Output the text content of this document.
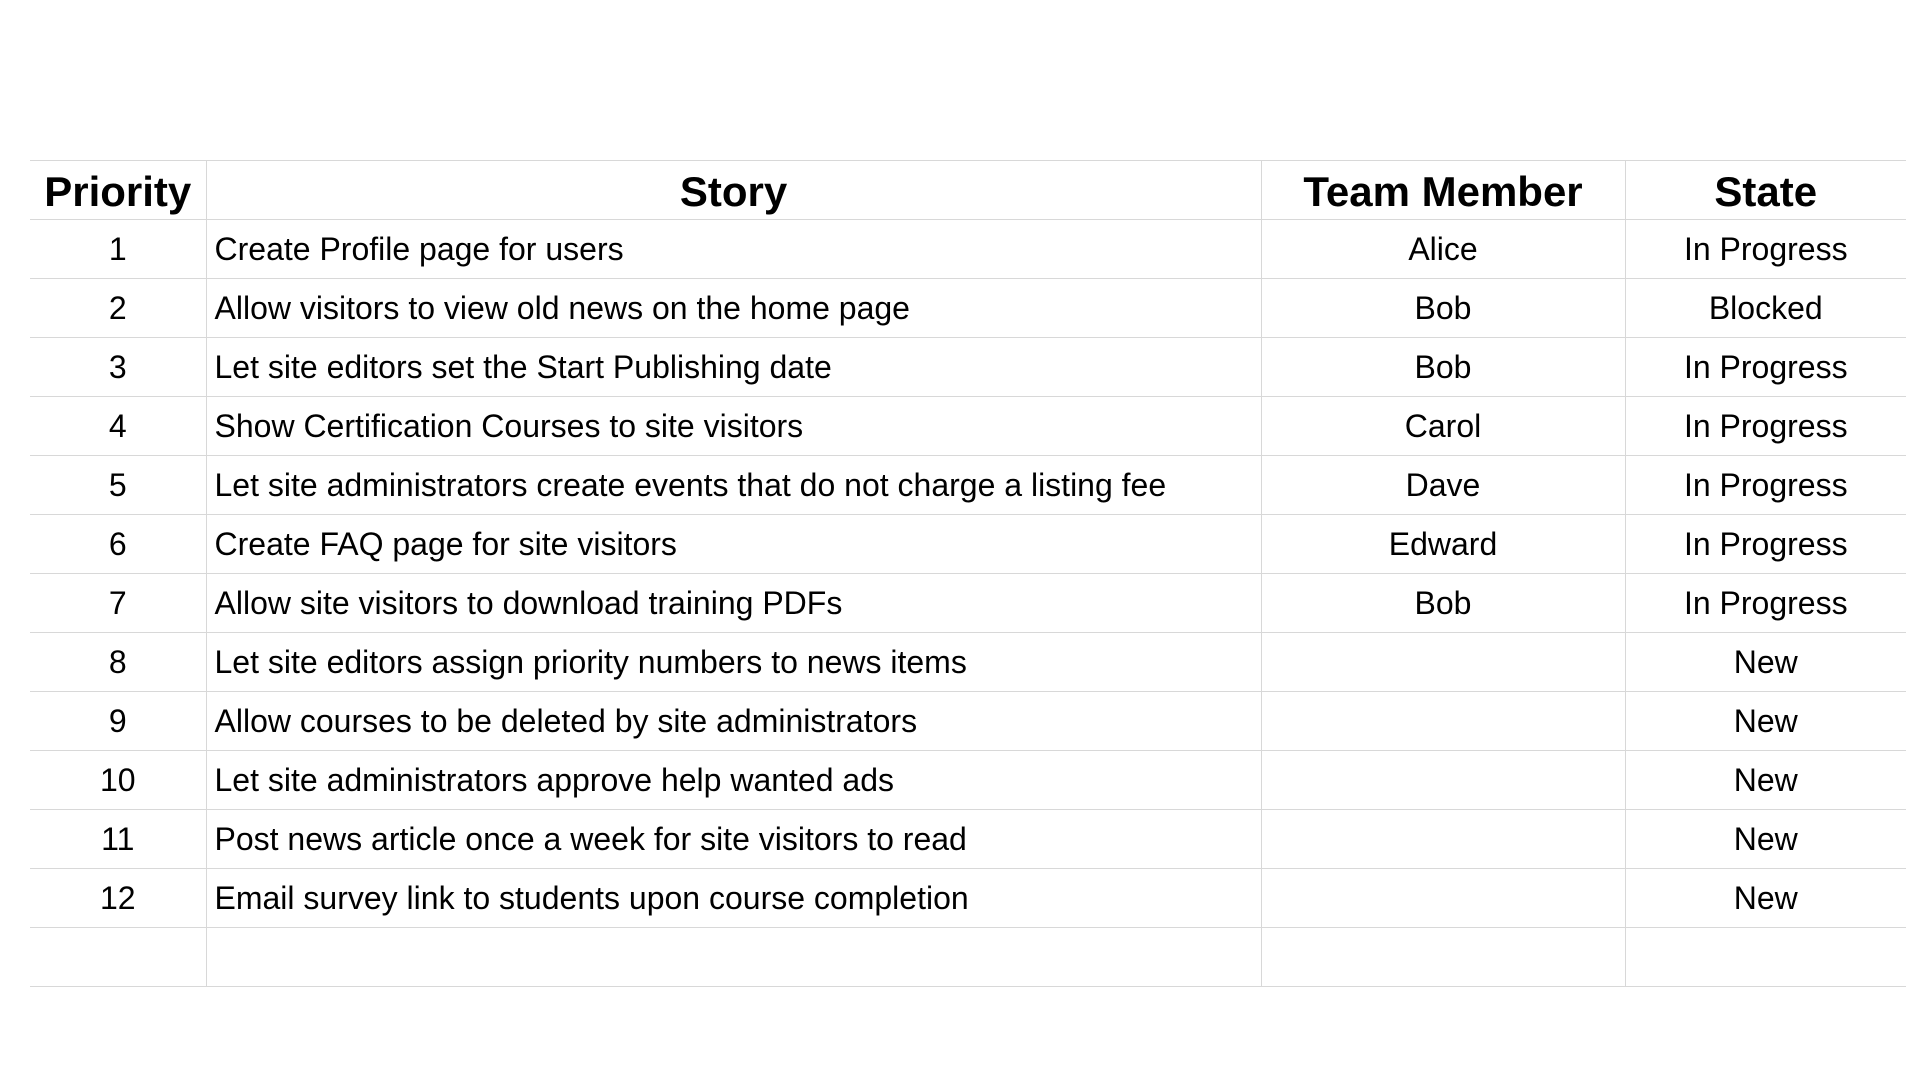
Priority	Story	Team Member	State
1	Create Profile page for users	Alice	In Progress
2	Allow visitors to view old news on the home page	Bob	Blocked
3	Let site editors set the Start Publishing date	Bob	In Progress
4	Show Certification Courses to site visitors	Carol	In Progress
5	Let site administrators create events that do not charge a listing fee	Dave	In Progress
6	Create FAQ page for site visitors	Edward	In Progress
7	Allow site visitors to download training PDFs	Bob	In Progress
8	Let site editors assign priority numbers to news items		New
9	Allow courses to be deleted by site administrators		New
10	Let site administrators approve help wanted ads		New
11	Post news article once a week for site visitors to read		New
12	Email survey link to students upon course completion		New
